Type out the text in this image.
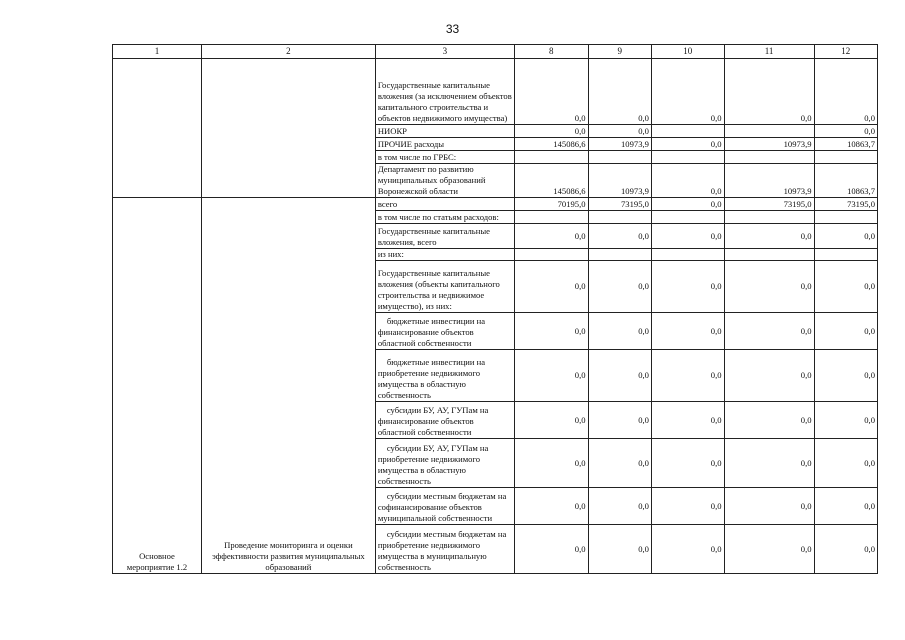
33
1	2	3	8	9	10	11	12
		Государственные капитальные вложения (за исключением объектов капитального строительства и объектов недвижимого имущества)	0,0	0,0	0,0	0,0	0,0
		НИОКР	0,0	0,0			0,0
		ПРОЧИЕ расходы	145086,6	10973,9	0,0	10973,9	10863,7
		в том числе по ГРБС:					
		Департамент по развитию муниципальных образований Воронежской области	145086,6	10973,9	0,0	10973,9	10863,7
Основное мероприятие 1.2	Проведение мониторинга и оценки эффективности развития муниципальных образований	всего	70195,0	73195,0	0,0	73195,0	73195,0
		в том числе по статьям расходов:					
		Государственные капитальные вложения, всего	0,0	0,0	0,0	0,0	0,0
		из них:					
		Государственные капитальные вложения (объекты капитального строительства и недвижимое имущество), из них:	0,0	0,0	0,0	0,0	0,0
		бюджетные инвестиции на финансирование объектов областной собственности	0,0	0,0	0,0	0,0	0,0
		бюджетные инвестиции на приобретение недвижимого имущества в областную собственность	0,0	0,0	0,0	0,0	0,0
		субсидии БУ, АУ, ГУПам на финансирование объектов областной собственности	0,0	0,0	0,0	0,0	0,0
		субсидии БУ, АУ, ГУПам на приобретение недвижимого имущества в областную собственность	0,0	0,0	0,0	0,0	0,0
		субсидии местным бюджетам на софинансирование объектов муниципальной собственности	0,0	0,0	0,0	0,0	0,0
		субсидии местным бюджетам на приобретение недвижимого имущества в муниципальную собственность	0,0	0,0	0,0	0,0	0,0
